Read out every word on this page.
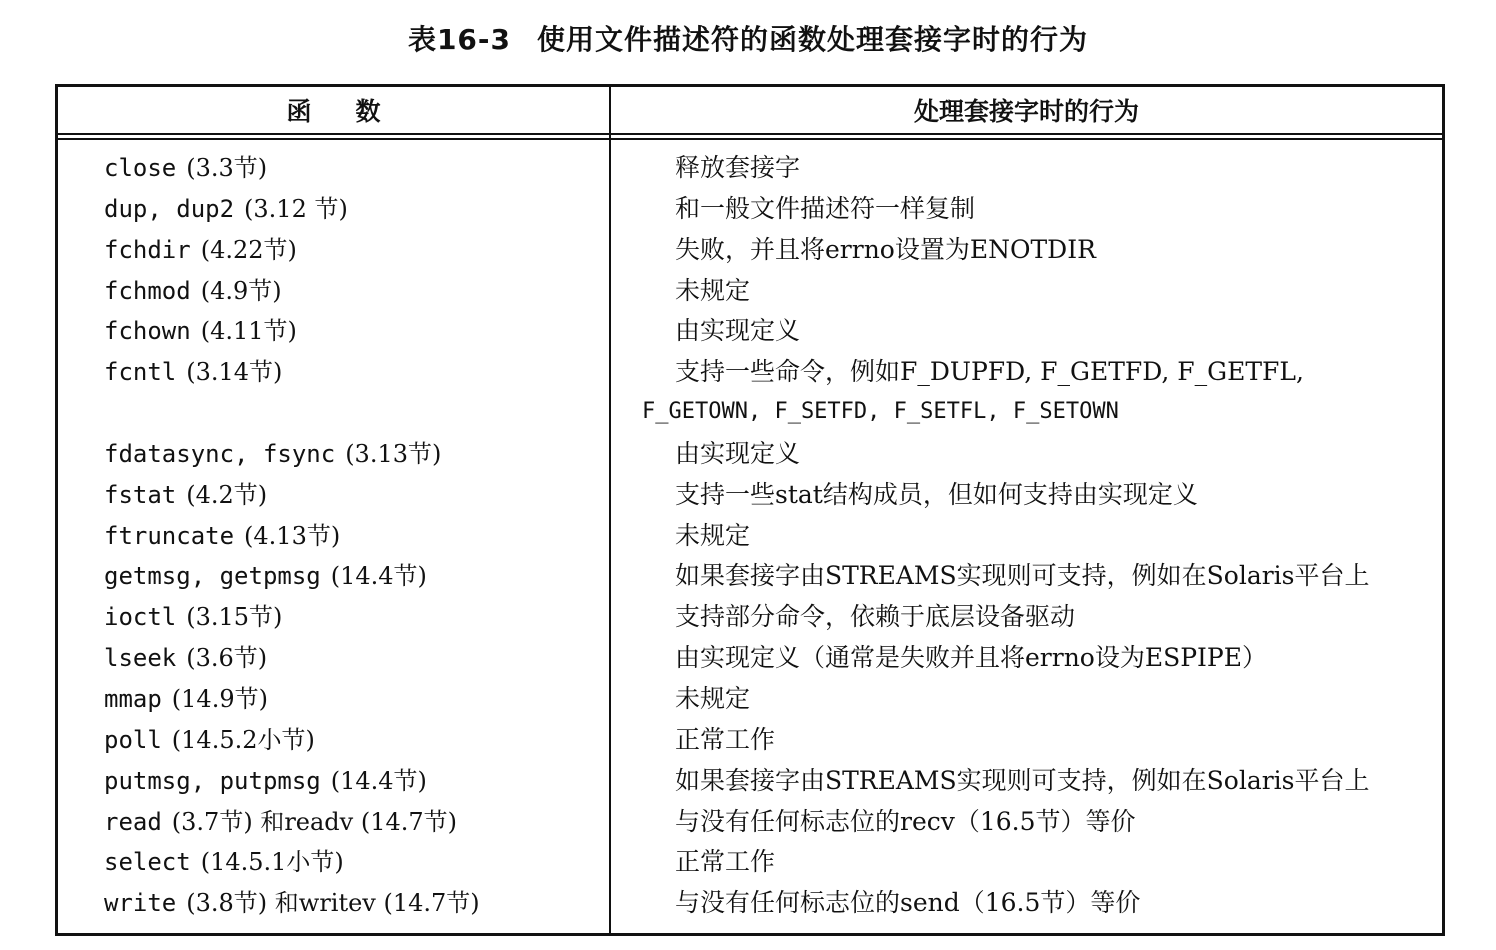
表16-3 使用文件描述符的函数处理套接字时的行为
函数	处理套接字时的行为
close (3.3节)	释放套接字
dup, dup2 (3.12 节)	和一般文件描述符一样复制
fchdir (4.22节)	失败，并且将errno设置为ENOTDIR
fchmod (4.9节)	未规定
fchown (4.11节)	由实现定义
fcntl (3.14节)	支持一些命令，例如F_DUPFD, F_GETFD, F_GETFL,
F_GETOWN, F_SETFD, F_SETFL, F_SETOWN
fdatasync, fsync (3.13节)	由实现定义
fstat (4.2节)	支持一些stat结构成员，但如何支持由实现定义
ftruncate (4.13节)	未规定
getmsg, getpmsg (14.4节)	如果套接字由STREAMS实现则可支持，例如在Solaris平台上
ioctl (3.15节)	支持部分命令，依赖于底层设备驱动
lseek (3.6节)	由实现定义（通常是失败并且将errno设为ESPIPE）
mmap (14.9节)	未规定
poll (14.5.2小节)	正常工作
putmsg, putpmsg (14.4节)	如果套接字由STREAMS实现则可支持，例如在Solaris平台上
read (3.7节) 和readv (14.7节)	与没有任何标志位的recv（16.5节）等价
select (14.5.1小节)	正常工作
write (3.8节) 和writev (14.7节)	与没有任何标志位的send（16.5节）等价
